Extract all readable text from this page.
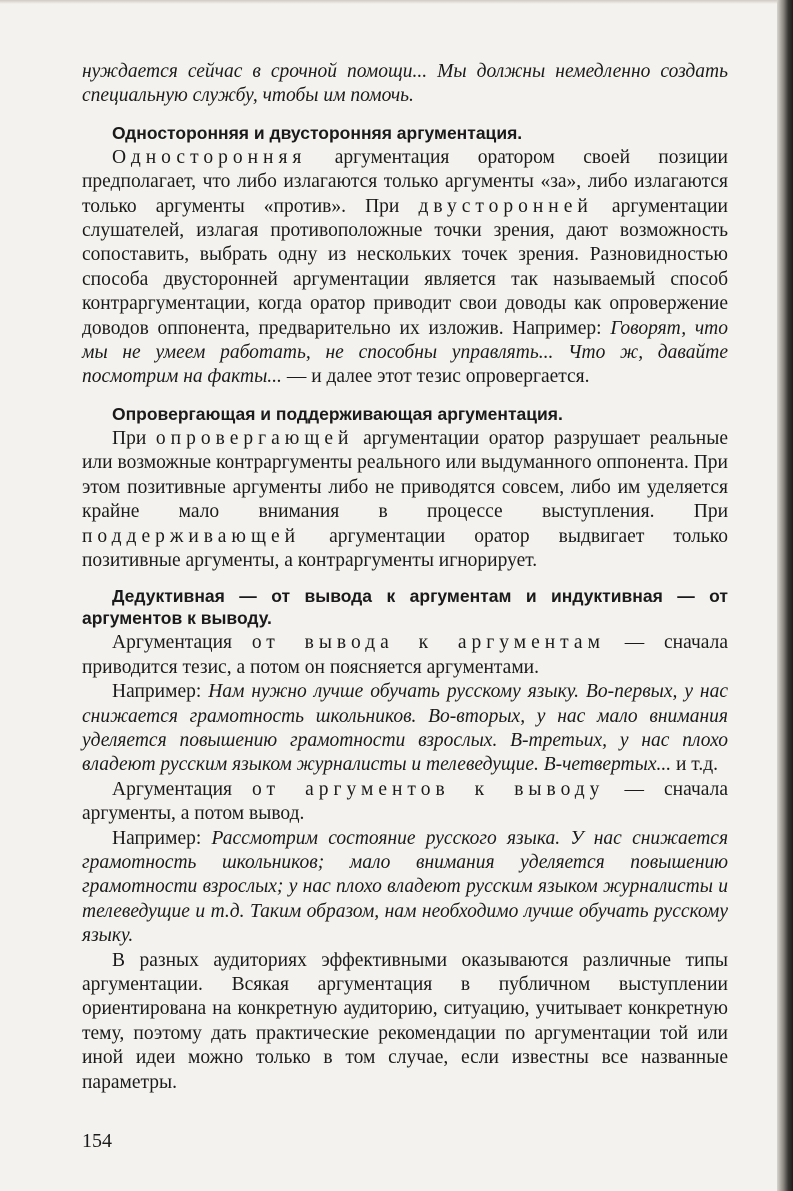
нуждается сейчас в срочной помощи... Мы должны немедленно создать специальную службу, чтобы им помочь.

Односторонняя и двусторонняя аргументация.

Односторонняя аргументация оратором своей позиции предполагает, что либо излагаются только аргументы «за», либо излагаются только аргументы «против». При двусторонней аргументации слушателей, излагая противоположные точки зрения, дают возможность сопоставить, выбрать одну из нескольких точек зрения. Разновидностью способа двусторонней аргументации является так называемый способ контраргументации, когда оратор приводит свои доводы как опровержение доводов оппонента, предварительно их изложив. Например: Говорят, что мы не умеем работать, не способны управлять... Что ж, давайте посмотрим на факты... — и далее этот тезис опровергается.

Опровергающая и поддерживающая аргументация.

При опровергающей аргументации оратор разрушает реальные или возможные контраргументы реального или выдуманного оппонента. При этом позитивные аргументы либо не приводятся совсем, либо им уделяется крайне мало внимания в процессе выступления. При поддерживающей аргументации оратор выдвигает только позитивные аргументы, а контраргументы игнорирует.

Дедуктивная — от вывода к аргументам и индуктивная — от аргументов к выводу.

Аргументация от вывода к аргументам — сначала приводится тезис, а потом он поясняется аргументами.

Например: Нам нужно лучше обучать русскому языку. Во-первых, у нас снижается грамотность школьников. Во-вторых, у нас мало внимания уделяется повышению грамотности взрослых. В-третьих, у нас плохо владеют русским языком журналисты и телеведущие. В-четвертых... и т.д.

Аргументация от аргументов к выводу — сначала аргументы, а потом вывод.

Например: Рассмотрим состояние русского языка. У нас снижается грамотность школьников; мало внимания уделяется повышению грамотности взрослых; у нас плохо владеют русским языком журналисты и телеведущие и т.д. Таким образом, нам необходимо лучше обучать русскому языку.

В разных аудиториях эффективными оказываются различные типы аргументации. Всякая аргументация в публичном выступлении ориентирована на конкретную аудиторию, ситуацию, учитывает конкретную тему, поэтому дать практические рекомендации по аргументации той или иной идеи можно только в том случае, если известны все названные параметры.

154
